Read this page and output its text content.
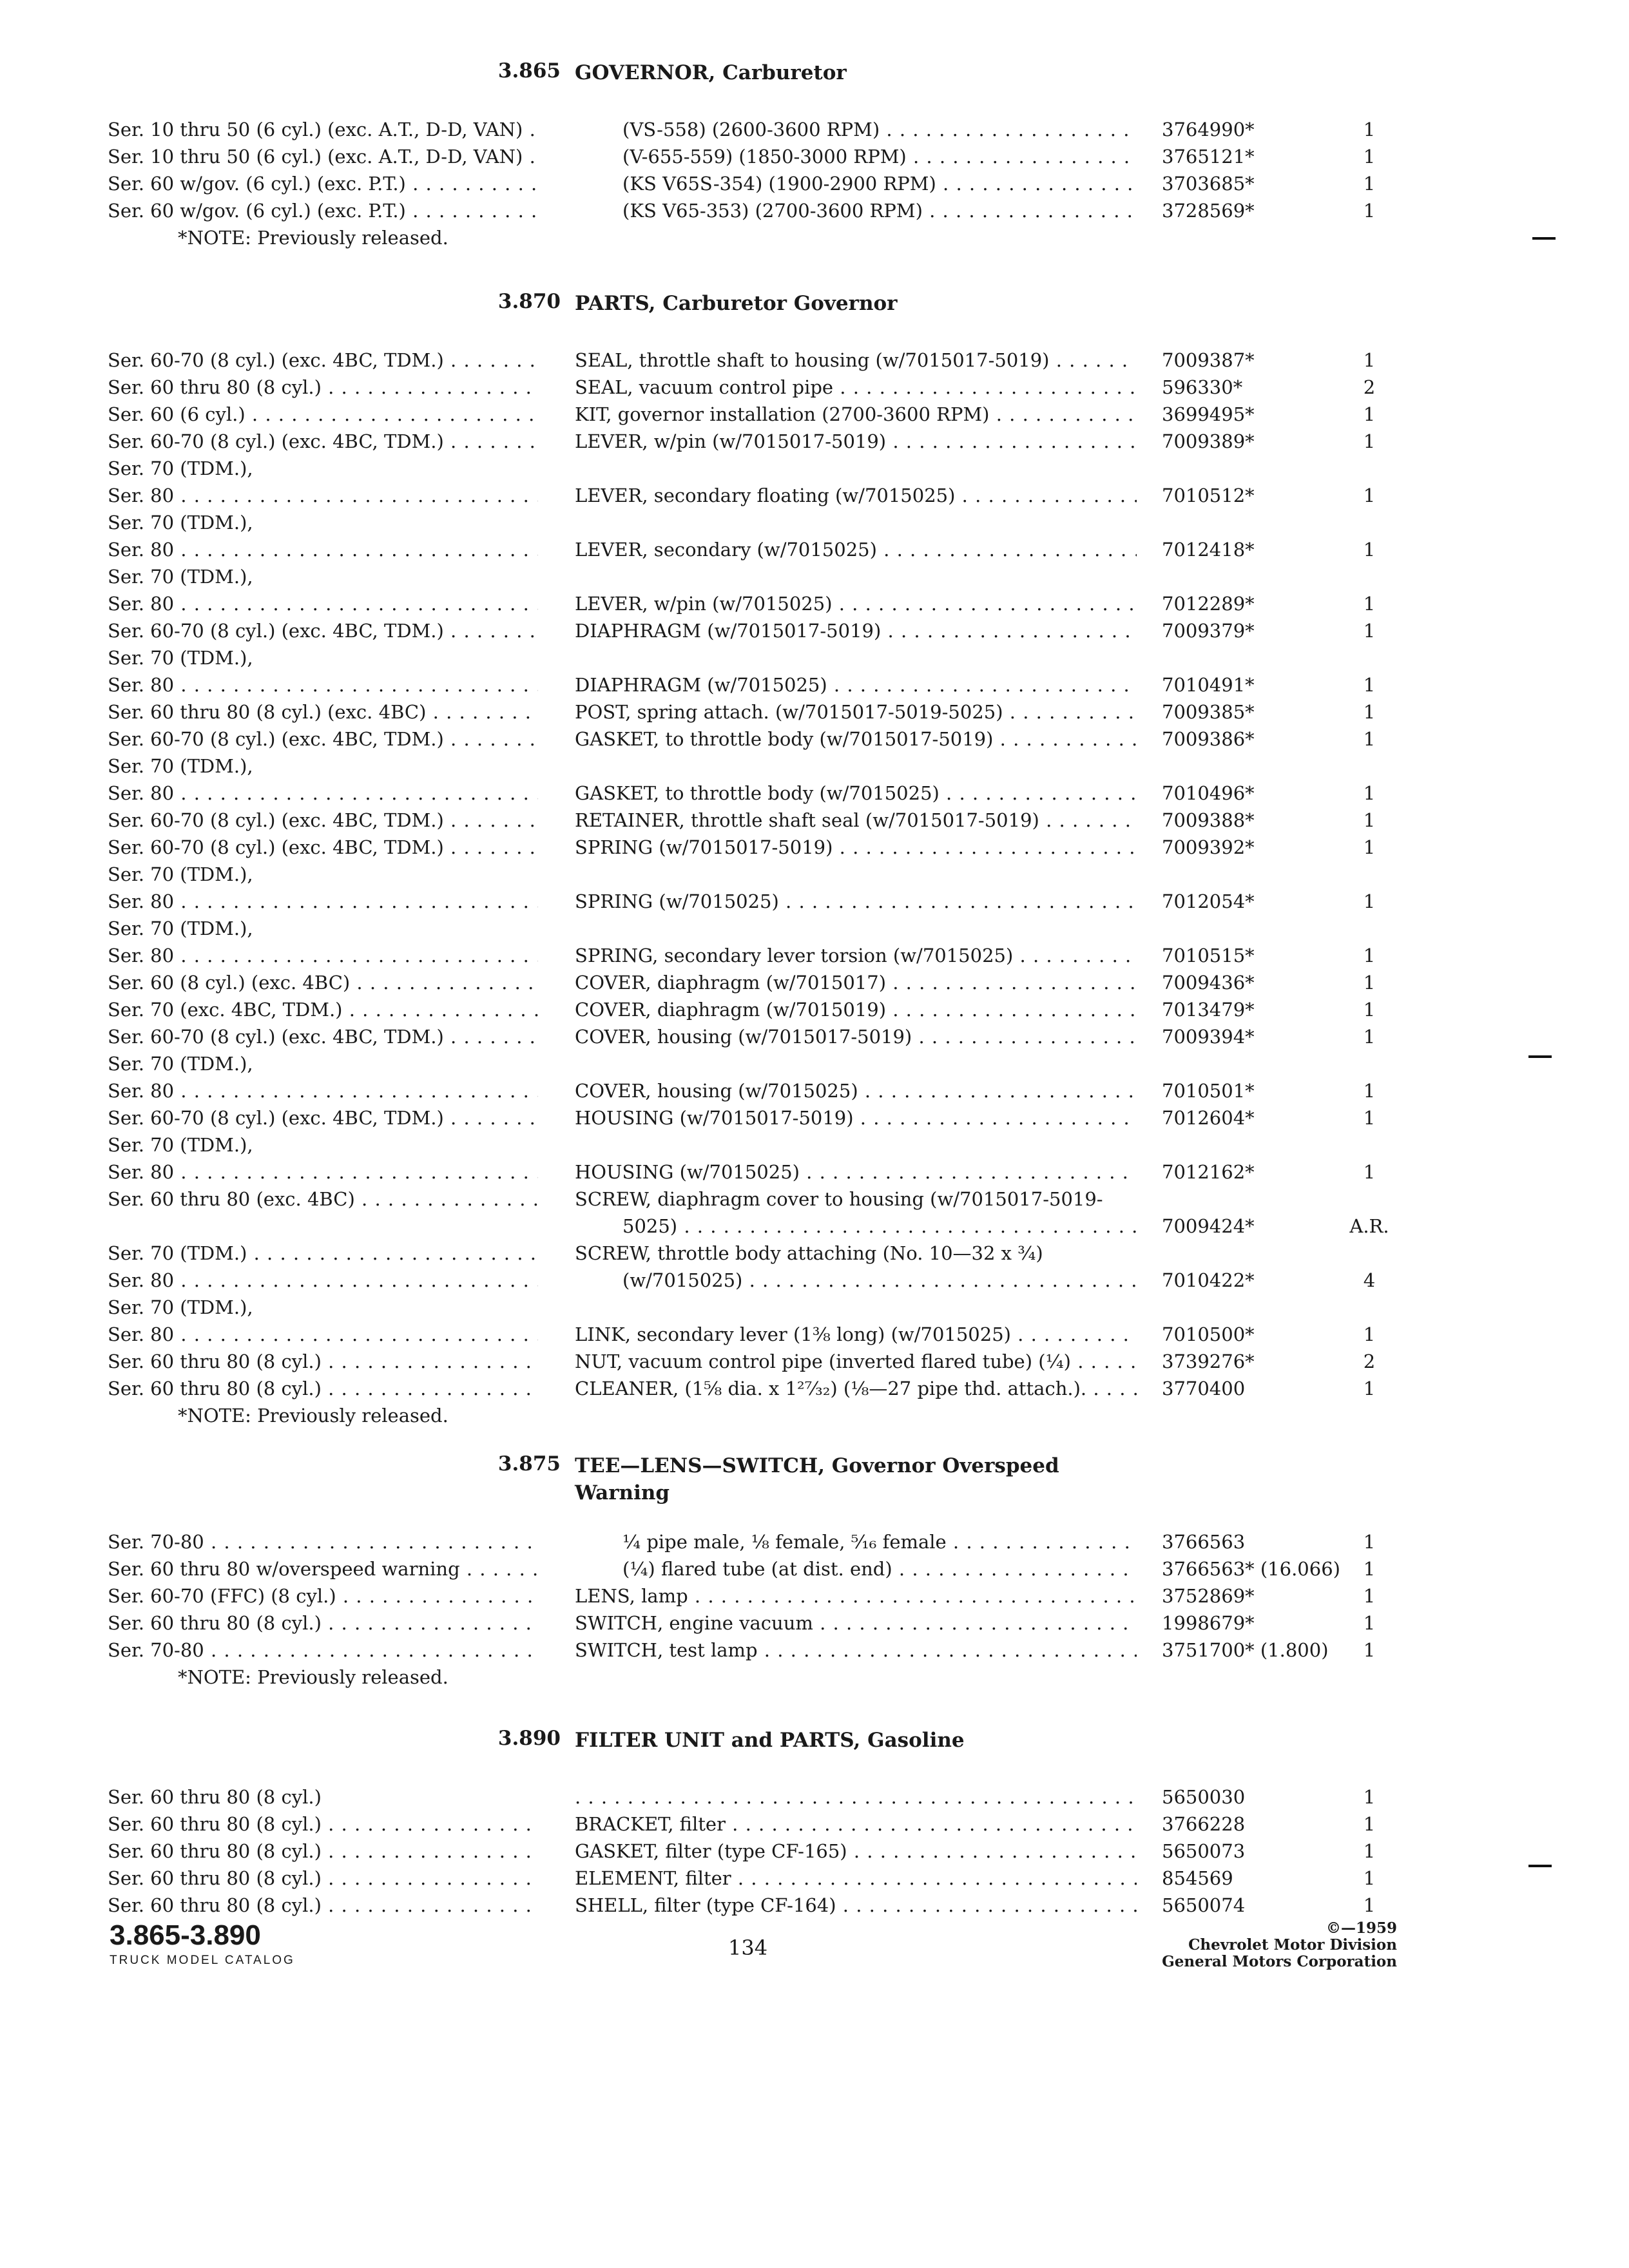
3.865 GOVERNOR, Carburetor
Ser. 10 thru 50 (6 cyl.) (exc. A.T., D-D, VAN) . . .	(VS-558) (2600-3600 RPM) . . .	3764990*	1
Ser. 10 thru 50 (6 cyl.) (exc. A.T., D-D, VAN) . . .	(V-655-559) (1850-3000 RPM) . . .	3765121*	1
Ser. 60 w/gov. (6 cyl.) (exc. P.T.) . . .	(KS V65S-354) (1900-2900 RPM) . . .	3703685*	1
Ser. 60 w/gov. (6 cyl.) (exc. P.T.) . . .	(KS V65-353) (2700-3600 RPM) . . .	3728569*	1
*NOTE: Previously released.
3.870 PARTS, Carburetor Governor
Ser. 60-70 (8 cyl.) (exc. 4BC, TDM.) . . .	SEAL, throttle shaft to housing (w/7015017-5019) . . .	7009387*	1
Ser. 60 thru 80 (8 cyl.) . . .	SEAL, vacuum control pipe . . .	596330*	2
Ser. 60 (6 cyl.) . . .	KIT, governor installation (2700-3600 RPM) . . .	3699495*	1
Ser. 60-70 (8 cyl.) (exc. 4BC, TDM.) . . .	LEVER, w/pin (w/7015017-5019) . . .	7009389*	1
Ser. 70 (TDM.),
Ser. 80 . . .	LEVER, secondary floating (w/7015025) . . .	7010512*	1
Ser. 70 (TDM.),
Ser. 80 . . .	LEVER, secondary (w/7015025) . . .	7012418*	1
Ser. 70 (TDM.),
Ser. 80 . . .	LEVER, w/pin (w/7015025) . . .	7012289*	1
Ser. 60-70 (8 cyl.) (exc. 4BC, TDM.) . . .	DIAPHRAGM (w/7015017-5019) . . .	7009379*	1
Ser. 70 (TDM.),
Ser. 80 . . .	DIAPHRAGM (w/7015025) . . .	7010491*	1
Ser. 60 thru 80 (8 cyl.) (exc. 4BC) . . .	POST, spring attach. (w/7015017-5019-5025) . . .	7009385*	1
Ser. 60-70 (8 cyl.) (exc. 4BC, TDM.) . . .	GASKET, to throttle body (w/7015017-5019) . . .	7009386*	1
Ser. 70 (TDM.),
Ser. 80 . . .	GASKET, to throttle body (w/7015025) . . .	7010496*	1
Ser. 60-70 (8 cyl.) (exc. 4BC, TDM.) . . .	RETAINER, throttle shaft seal (w/7015017-5019) . . .	7009388*	1
Ser. 60-70 (8 cyl.) (exc. 4BC, TDM.) . . .	SPRING (w/7015017-5019) . . .	7009392*	1
Ser. 70 (TDM.),
Ser. 80 . . .	SPRING (w/7015025) . . .	7012054*	1
Ser. 70 (TDM.),
Ser. 80 . . .	SPRING, secondary lever torsion (w/7015025) . . .	7010515*	1
Ser. 60 (8 cyl.) (exc. 4BC) . . .	COVER, diaphragm (w/7015017) . . .	7009436*	1
Ser. 70 (exc. 4BC, TDM.) . . .	COVER, diaphragm (w/7015019) . . .	7013479*	1
Ser. 60-70 (8 cyl.) (exc. 4BC, TDM.) . . .	COVER, housing (w/7015017-5019) . . .	7009394*	1
Ser. 70 (TDM.),
Ser. 80 . . .	COVER, housing (w/7015025) . . .	7010501*	1
Ser. 60-70 (8 cyl.) (exc. 4BC, TDM.) . . .	HOUSING (w/7015017-5019) . . .	7012604*	1
Ser. 70 (TDM.),
Ser. 80 . . .	HOUSING (w/7015025) . . .	7012162*	1
Ser. 60 thru 80 (exc. 4BC) . . .	SCREW, diaphragm cover to housing (w/7015017-5019-
5025) . . .	7009424*	A.R.
Ser. 70 (TDM.) . . .	SCREW, throttle body attaching (No. 10—32 x ¾)
Ser. 80 . . .	(w/7015025) . . .	7010422*	4
Ser. 70 (TDM.),
Ser. 80 . . .	LINK, secondary lever (1⅜ long) (w/7015025) . . .	7010500*	1
Ser. 60 thru 80 (8 cyl.) . . .	NUT, vacuum control pipe (inverted flared tube) (¼) . . .	3739276*	2
Ser. 60 thru 80 (8 cyl.) . . .	CLEANER, (1⅝ dia. x 1²⁷⁄₃₂) (⅛—27 pipe thd. attach.). . . .	3770400	1
*NOTE: Previously released.
3.875 TEE—LENS—SWITCH, Governor Overspeed Warning
Ser. 70-80 . . .	¼ pipe male, ⅛ female, ⁵⁄₁₆ female . . .	3766563	1
Ser. 60 thru 80 w/overspeed warning . . .	(¼) flared tube (at dist. end) . . .	3766563* (16.066)	1
Ser. 60-70 (FFC) (8 cyl.) . . .	LENS, lamp . . .	3752869*	1
Ser. 60 thru 80 (8 cyl.) . . .	SWITCH, engine vacuum . . .	1998679*	1
Ser. 70-80 . . .	SWITCH, test lamp . . .	3751700* (1.800)	1
*NOTE: Previously released.
3.890 FILTER UNIT and PARTS, Gasoline
Ser. 60 thru 80 (8 cyl.)
. . .	5650030	1
Ser. 60 thru 80 (8 cyl.) . . .	BRACKET, filter . . .	3766228	1
Ser. 60 thru 80 (8 cyl.) . . .	GASKET, filter (type CF-165) . . .	5650073	1
Ser. 60 thru 80 (8 cyl.) . . .	ELEMENT, filter . . .	854569	1
Ser. 60 thru 80 (8 cyl.) . . .	SHELL, filter (type CF-164) . . .	5650074	1
3.865-3.890
TRUCK MODEL CATALOG
134
©—1959
Chevrolet Motor Division
General Motors Corporation
